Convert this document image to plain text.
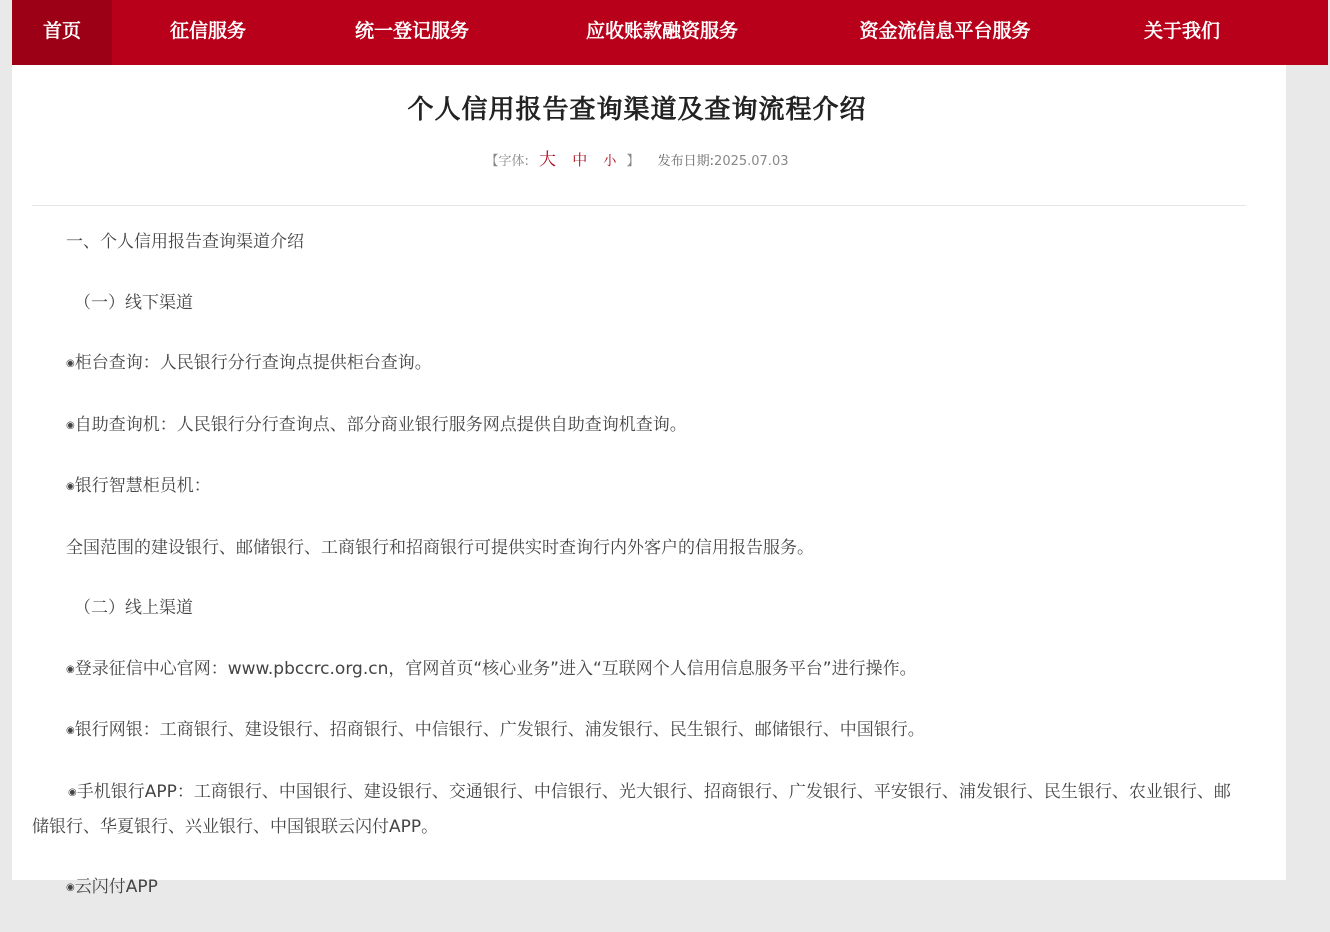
首页	征信服务	统一登记服务	应收账款融资服务	资金流信息平台服务	关于我们
个人信用报告查询渠道及查询流程介绍
【字体: 大 中 小 】 发布日期:2025.07.03

一、个人信用报告查询渠道介绍

（一）线下渠道

◉柜台查询：人民银行分行查询点提供柜台查询。

◉自助查询机：人民银行分行查询点、部分商业银行服务网点提供自助查询机查询。

◉银行智慧柜员机：

全国范围的建设银行、邮储银行、工商银行和招商银行可提供实时查询行内外客户的信用报告服务。

（二）线上渠道

◉登录征信中心官网：www.pbccrc.org.cn，官网首页“核心业务”进入“互联网个人信用信息服务平台”进行操作。

◉银行网银：工商银行、建设银行、招商银行、中信银行、广发银行、浦发银行、民生银行、邮储银行、中国银行。

◉手机银行APP：工商银行、中国银行、建设银行、交通银行、中信银行、光大银行、招商银行、广发银行、平安银行、浦发银行、民生银行、农业银行、邮储银行、华夏银行、兴业银行、中国银联云闪付APP。

◉云闪付APP
